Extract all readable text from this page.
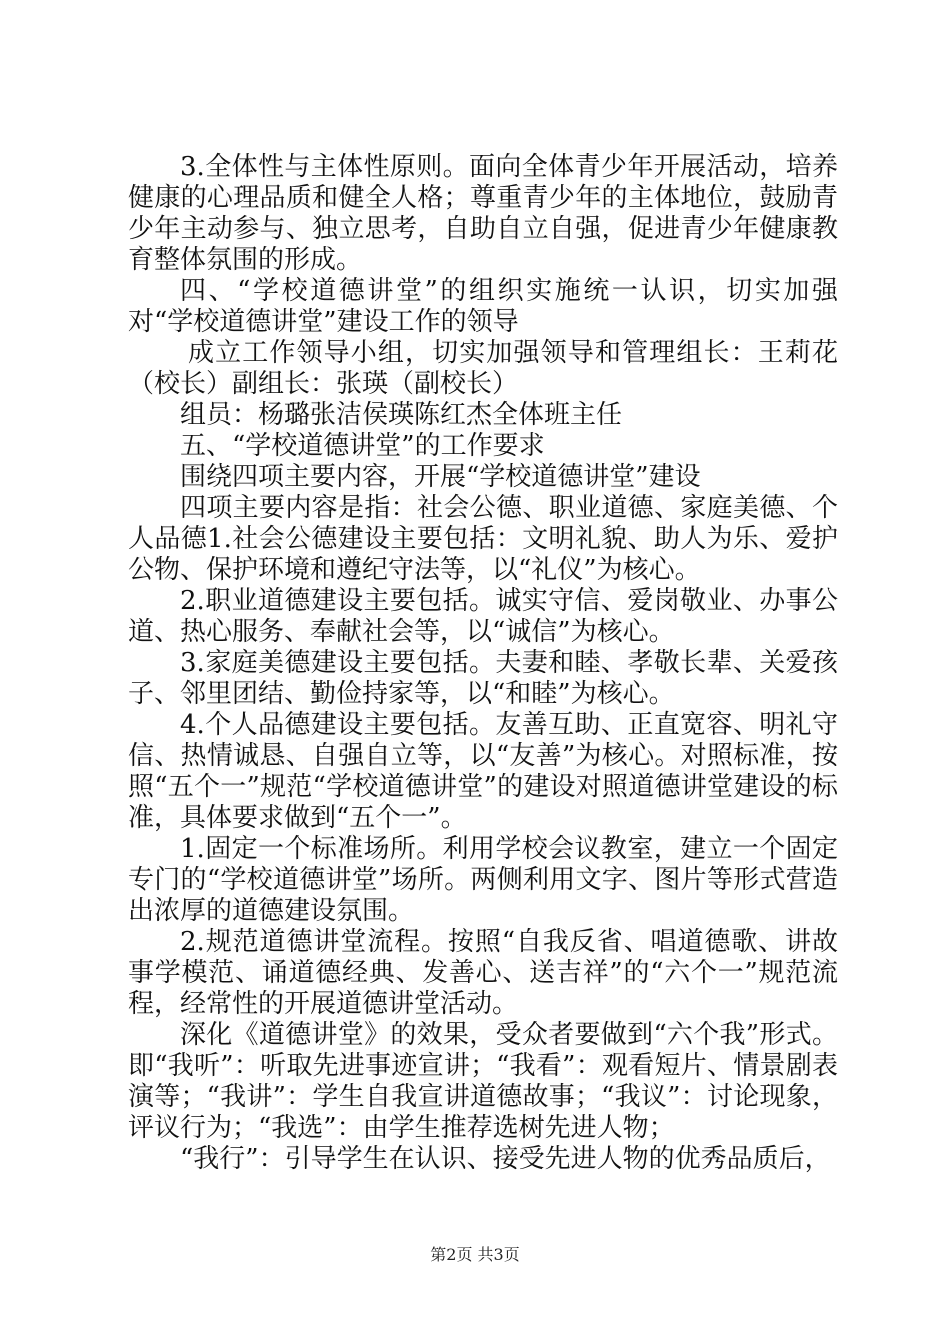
3.全体性与主体性原则。面向全体青少年开展活动，培养健康的心理品质和健全人格；尊重青少年的主体地位，鼓励青少年主动参与、独立思考，自助自立自强，促进青少年健康教育整体氛围的形成。

四、“学校道德讲堂”的组织实施统一认识，切实加强对“学校道德讲堂”建设工作的领导

成立工作领导小组，切实加强领导和管理组长：王莉花（校长）副组长：张瑛（副校长）

组员：杨璐张洁侯瑛陈红杰全体班主任

五、“学校道德讲堂”的工作要求

围绕四项主要内容，开展“学校道德讲堂”建设

四项主要内容是指：社会公德、职业道德、家庭美德、个人品德1.社会公德建设主要包括：文明礼貌、助人为乐、爱护公物、保护环境和遵纪守法等，以“礼仪”为核心。

2.职业道德建设主要包括。诚实守信、爱岗敬业、办事公道、热心服务、奉献社会等，以“诚信”为核心。

3.家庭美德建设主要包括。夫妻和睦、孝敬长辈、关爱孩子、邻里团结、勤俭持家等，以“和睦”为核心。

4.个人品德建设主要包括。友善互助、正直宽容、明礼守信、热情诚恳、自强自立等，以“友善”为核心。对照标准，按照“五个一”规范“学校道德讲堂”的建设对照道德讲堂建设的标准，具体要求做到“五个一”。

1.固定一个标准场所。利用学校会议教室，建立一个固定专门的“学校道德讲堂”场所。两侧利用文字、图片等形式营造出浓厚的道德建设氛围。

2.规范道德讲堂流程。按照“自我反省、唱道德歌、讲故事学模范、诵道德经典、发善心、送吉祥”的“六个一”规范流程，经常性的开展道德讲堂活动。

深化《道德讲堂》的效果，受众者要做到“六个我”形式。即“我听”：听取先进事迹宣讲；“我看”：观看短片、情景剧表演等；“我讲”：学生自我宣讲道德故事；“我议”：讨论现象，评议行为；“我选”：由学生推荐选树先进人物；

“我行”：引导学生在认识、接受先进人物的优秀品质后，

第2页 共3页
